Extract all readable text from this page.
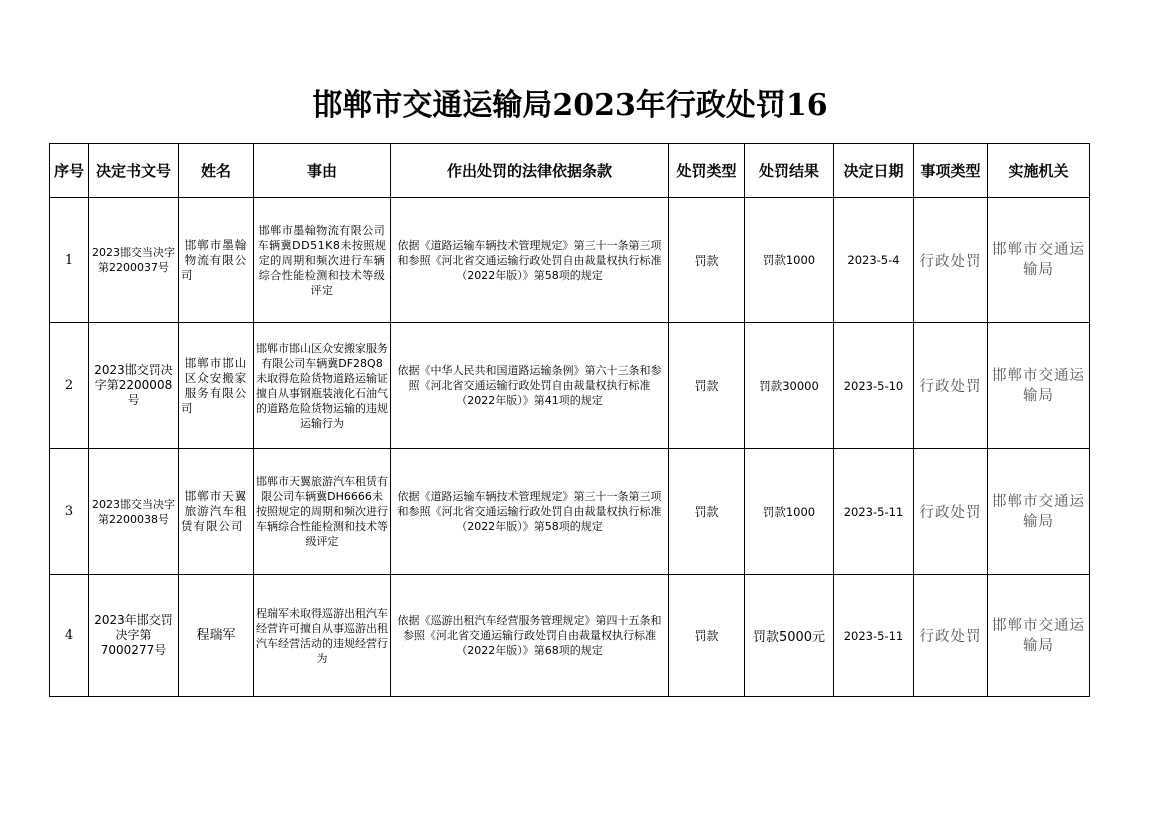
邯郸市交通运输局2023年行政处罚16
序号	决定书文号	姓名	事由	作出处罚的法律依据条款	处罚类型	处罚结果	决定日期	事项类型	实施机关
1	2023邯交当决字第2200037号	邯郸市墨翰物流有限公司	邯郸市墨翰物流有限公司车辆冀DD51K8未按照规定的周期和频次进行车辆综合性能检测和技术等级评定	依据《道路运输车辆技术管理规定》第三十一条第三项和参照《河北省交通运输行政处罚自由裁量权执行标准（2022年版）》第58项的规定	罚款	罚款1000	2023-5-4	行政处罚	邯郸市交通运输局
2	2023邯交罚决字第2200008号	邯郸市邯山区众安搬家服务有限公司	邯郸市邯山区众安搬家服务有限公司车辆冀DF28Q8未取得危险货物道路运输证擅自从事钢瓶装液化石油气的道路危险货物运输的违规运输行为	依据《中华人民共和国道路运输条例》第六十三条和参照《河北省交通运输行政处罚自由裁量权执行标准（2022年版）》第41项的规定	罚款	罚款30000	2023-5-10	行政处罚	邯郸市交通运输局
3	2023邯交当决字第2200038号	邯郸市天翼旅游汽车租赁有限公司	邯郸市天翼旅游汽车租赁有限公司车辆冀DH6666未按照规定的周期和频次进行车辆综合性能检测和技术等级评定	依据《道路运输车辆技术管理规定》第三十一条第三项和参照《河北省交通运输行政处罚自由裁量权执行标准（2022年版）》第58项的规定	罚款	罚款1000	2023-5-11	行政处罚	邯郸市交通运输局
4	2023年邯交罚决字第7000277号	程瑞军	程瑞军未取得巡游出租汽车经营许可擅自从事巡游出租汽车经营活动的违规经营行为	依据《巡游出租汽车经营服务管理规定》第四十五条和参照《河北省交通运输行政处罚自由裁量权执行标准（2022年版）》第68项的规定	罚款	罚款5000元	2023-5-11	行政处罚	邯郸市交通运输局
